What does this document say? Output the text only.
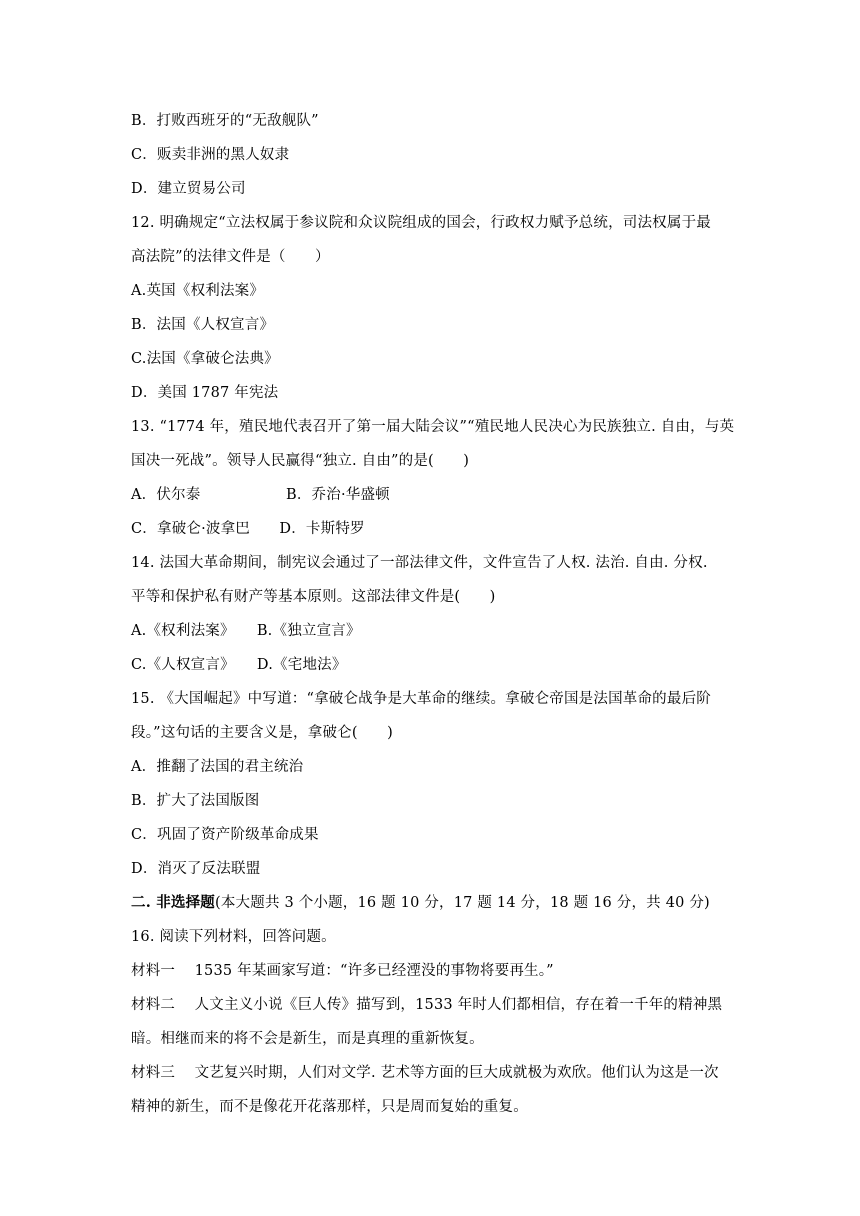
B．打败西班牙的“无敌舰队”
C．贩卖非洲的黑人奴隶
D．建立贸易公司
12. 明确规定“立法权属于参议院和众议院组成的国会，行政权力赋予总统，司法权属于最
高法院”的法律文件是（　　）
A.英国《权利法案》
B．法国《人权宣言》
C.法国《拿破仑法典》
D．美国 1787 年宪法
13. “1774 年，殖民地代表召开了第一届大陆会议”“殖民地人民决心为民族独立. 自由，与英
国决一死战”。领导人民赢得“独立. 自由”的是(　　)
A．伏尔泰	B．乔治·华盛顿
C．拿破仑·波拿巴　　D．卡斯特罗
14. 法国大革命期间，制宪议会通过了一部法律文件，文件宣告了人权. 法治. 自由. 分权.
平等和保护私有财产等基本原则。这部法律文件是(　　)
A.《权利法案》　　B.《独立宣言》
C.《人权宣言》　　D.《宅地法》
15. 《大国崛起》中写道：“拿破仑战争是大革命的继续。拿破仑帝国是法国革命的最后阶
段。”这句话的主要含义是，拿破仑(　　)
A．推翻了法国的君主统治
B．扩大了法国版图
C．巩固了资产阶级革命成果
D．消灭了反法联盟
二. 非选择题(本大题共 3 个小题，16 题 10 分，17 题 14 分，18 题 16 分，共 40 分)
16. 阅读下列材料，回答问题。
材料一　 1535 年某画家写道：“许多已经湮没的事物将要再生。”
材料二　 人文主义小说《巨人传》描写到，1533 年时人们都相信，存在着一千年的精神黑
暗。相继而来的将不会是新生，而是真理的重新恢复。
材料三　 文艺复兴时期，人们对文学. 艺术等方面的巨大成就极为欢欣。他们认为这是一次
精神的新生，而不是像花开花落那样，只是周而复始的重复。
